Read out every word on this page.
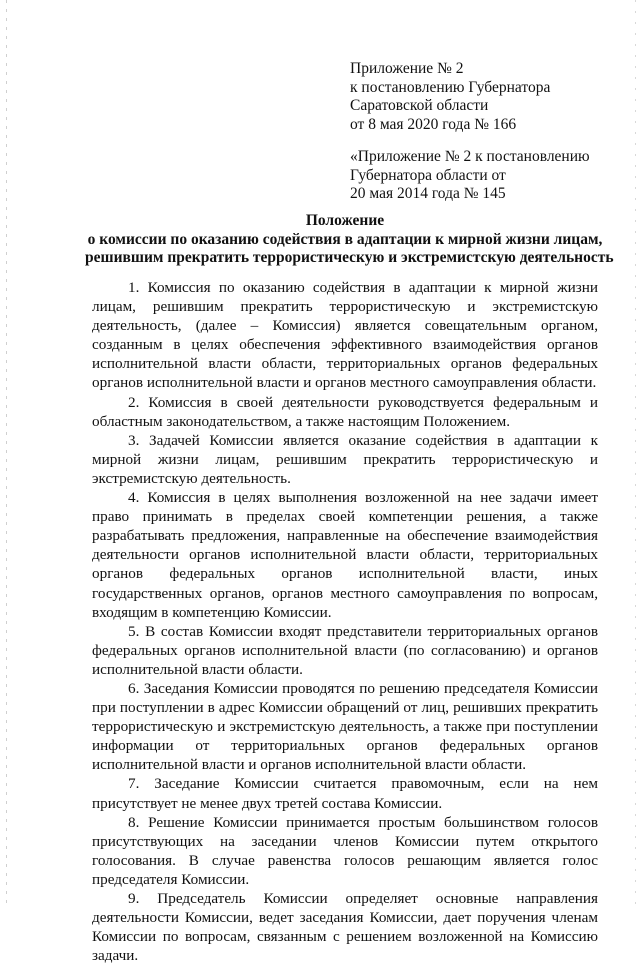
Приложение № 2
к постановлению Губернатора
Саратовской области
от 8 мая 2020 года № 166
«Приложение № 2 к постановлению
Губернатора области от
20 мая 2014 года № 145
Положение
о комиссии по оказанию содействия в адаптации к мирной жизни лицам,
решившим прекратить террористическую и экстремистскую деятельность

1. Комиссия по оказанию содействия в адаптации к мирной жизни лицам, решившим прекратить террористическую и экстремистскую деятельность, (далее – Комиссия) является совещательным органом, созданным в целях обеспечения эффективного взаимодействия органов исполнительной власти области, территориальных органов федеральных органов исполнительной власти и органов местного самоуправления области.

2. Комиссия в своей деятельности руководствуется федеральным и областным законодательством, а также настоящим Положением.

3. Задачей Комиссии является оказание содействия в адаптации к мирной жизни лицам, решившим прекратить террористическую и экстремистскую деятельность.

4. Комиссия в целях выполнения возложенной на нее задачи имеет право принимать в пределах своей компетенции решения, а также разрабатывать предложения, направленные на обеспечение взаимодействия деятельности органов исполнительной власти области, территориальных органов федеральных органов исполнительной власти, иных государственных органов, органов местного самоуправления по вопросам, входящим в компетенцию Комиссии.

5. В состав Комиссии входят представители территориальных органов федеральных органов исполнительной власти (по согласованию) и органов исполнительной власти области.

6. Заседания Комиссии проводятся по решению председателя Комиссии при поступлении в адрес Комиссии обращений от лиц, решивших прекратить террористическую и экстремистскую деятельность, а также при поступлении информации от территориальных органов федеральных органов исполнительной власти и органов исполнительной власти области.

7. Заседание Комиссии считается правомочным, если на нем присутствует не менее двух третей состава Комиссии.

8. Решение Комиссии принимается простым большинством голосов присутствующих на заседании членов Комиссии путем открытого голосования. В случае равенства голосов решающим является голос председателя Комиссии.

9. Председатель Комиссии определяет основные направления деятельности Комиссии, ведет заседания Комиссии, дает поручения членам Комиссии по вопросам, связанным с решением возложенной на Комиссию задачи.
